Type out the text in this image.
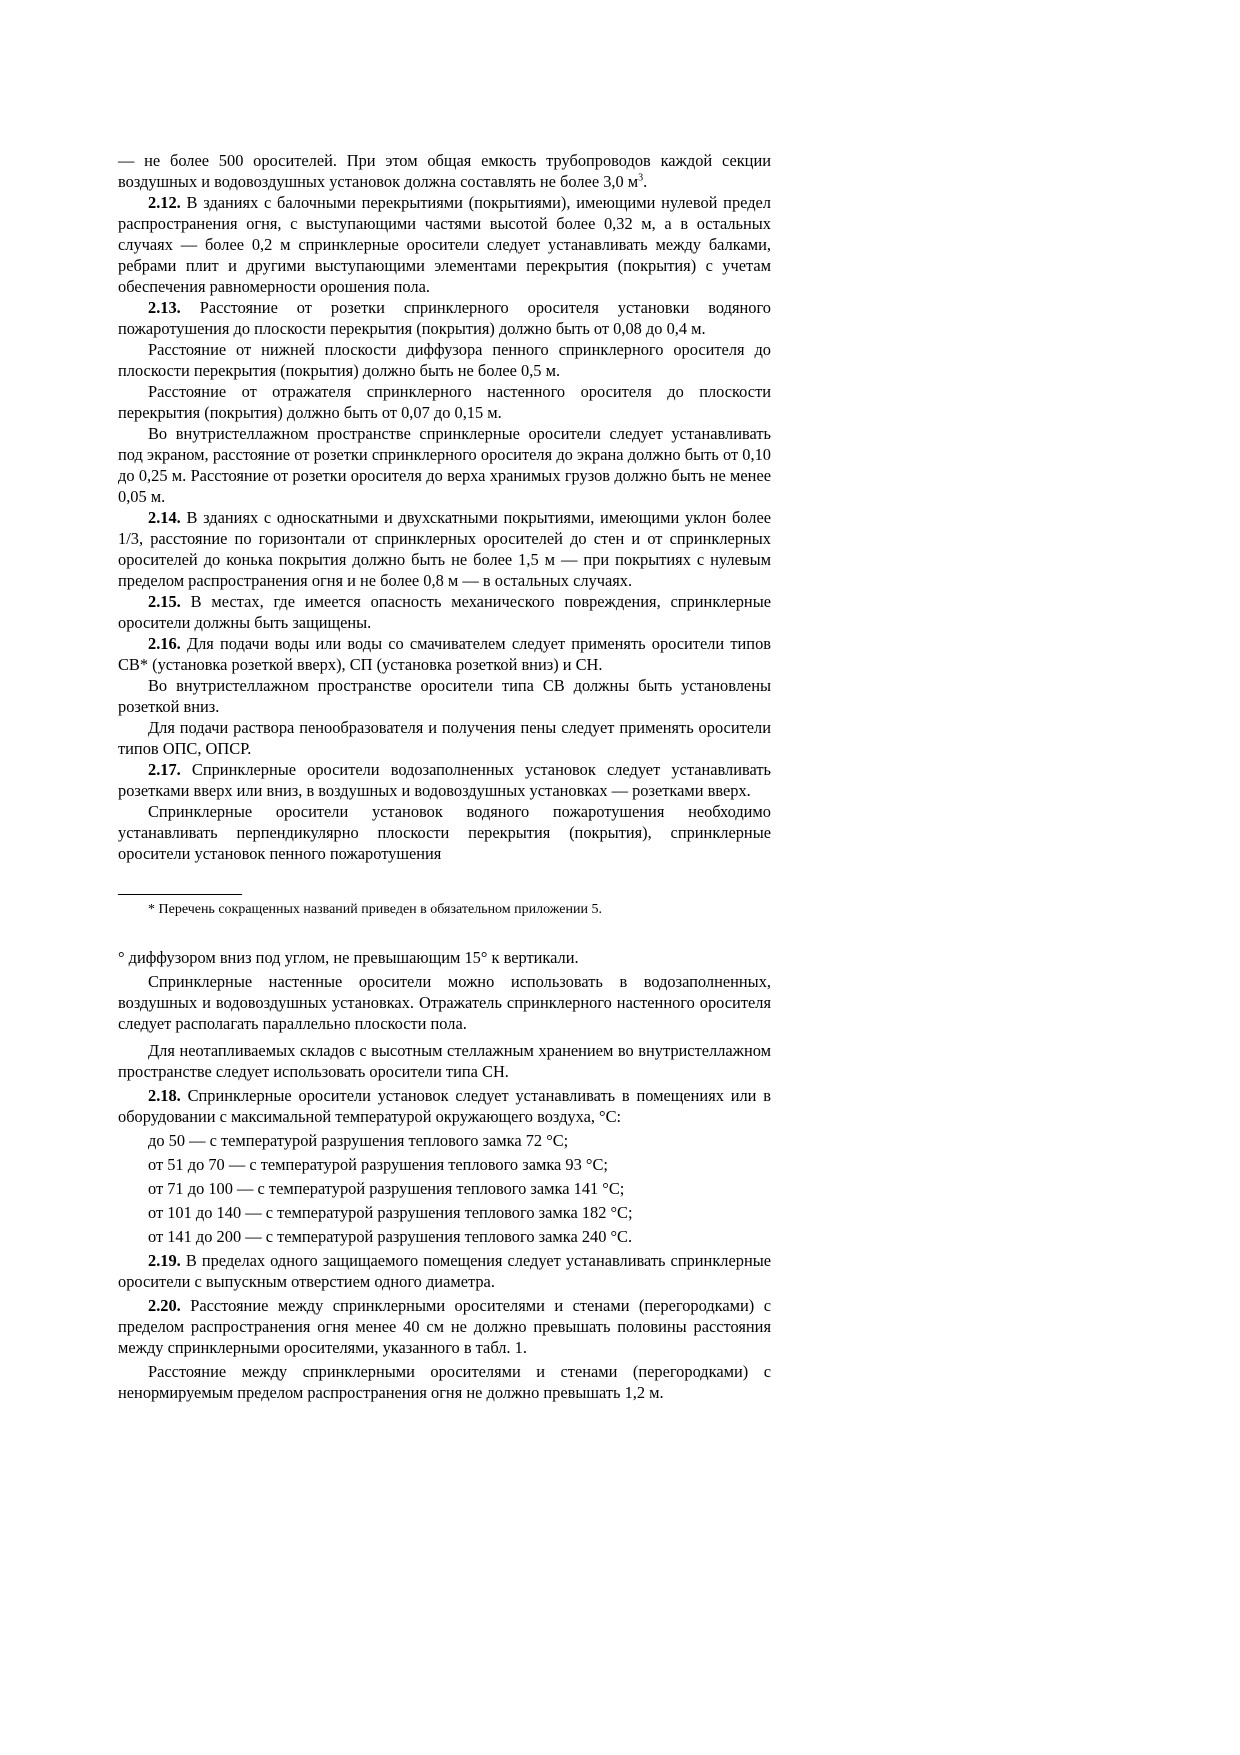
— не более 500 оросителей. При этом общая емкость трубопроводов каждой секции воздушных и водовоздушных установок должна составлять не более 3,0 $м^3$.

2.12. В зданиях с балочными перекрытиями (покрытиями), имеющими нулевой предел распространения огня, с выступающими частями высотой более 0,32 м, а в остальных случаях — более 0,2 м спринклерные оросители следует устанавливать между балками, ребрами плит и другими выступающими элементами перекрытия (покрытия) с учетам обеспечения равномерности орошения пола.

2.13. Расстояние от розетки спринклерного оросителя установки водяного пожаротушения до плоскости перекрытия (покрытия) должно быть от 0,08 до 0,4 м.

Расстояние от нижней плоскости диффузора пенного спринклерного оросителя до плоскости перекрытия (покрытия) должно быть не более 0,5 м.

Расстояние от отражателя спринклерного настенного оросителя до плоскости перекрытия (покрытия) должно быть от 0,07 до 0,15 м.

Во внутристеллажном пространстве спринклерные оросители следует устанавливать под экраном, расстояние от розетки спринклерного оросителя до экрана должно быть от 0,10 до 0,25 м. Расстояние от розетки оросителя до верха хранимых грузов должно быть не менее 0,05 м.

2.14. В зданиях с односкатными и двухскатными покрытиями, имеющими уклон более 1/3, расстояние по горизонтали от спринклерных оросителей до стен и от спринклерных оросителей до конька покрытия должно быть не более 1,5 м — при покрытиях с нулевым пределом распространения огня и не более 0,8 м — в остальных случаях.

2.15. В местах, где имеется опасность механического повреждения, спринклерные оросители должны быть защищены.

2.16. Для подачи воды или воды со смачивателем следует применять оросители типов СВ* (установка розеткой вверх), СП (установка розеткой вниз) и СН.

Во внутристеллажном пространстве оросители типа СВ должны быть установлены розеткой вниз.

Для подачи раствора пенообразователя и получения пены следует применять оросители типов ОПС, ОПСР.

2.17. Спринклерные оросители водозаполненных установок следует устанавливать розетками вверх или вниз, в воздушных и водовоздушных установках — розетками вверх.

Спринклерные оросители установок водяного пожаротушения необходимо устанавливать перпендикулярно плоскости перекрытия (покрытия), спринклерные оросители установок пенного пожаротушения

* Перечень сокращенных названий приведен в обязательном приложении 5.

° диффузором вниз под углом, не превышающим 15° к вертикали.

Спринклерные настенные оросители можно использовать в водозаполненных, воздушных и водовоздушных установках. Отражатель спринклерного настенного оросителя следует располагать параллельно плоскости пола.

Для неотапливаемых складов с высотным стеллажным хранением во внутристеллажном пространстве следует использовать оросители типа СН.

2.18. Спринклерные оросители установок следует устанавливать в помещениях или в оборудовании с максимальной температурой окружающего воздуха, °С:

до 50 — с температурой разрушения теплового замка 72 °С;

от 51 до 70 — с температурой разрушения теплового замка 93 °С;

от 71 до 100 — с температурой разрушения теплового замка 141 °С;

от 101 до 140 — с температурой разрушения теплового замка 182 °С;

от 141 до 200 — с температурой разрушения теплового замка 240 °С.

2.19. В пределах одного защищаемого помещения следует устанавливать спринклерные оросители с выпускным отверстием одного диаметра.

2.20. Расстояние между спринклерными оросителями и стенами (перегородками) с пределом распространения огня менее 40 см не должно превышать половины расстояния между спринклерными оросителями, указанного в табл. 1.

Расстояние между спринклерными оросителями и стенами (перегородками) с ненормируемым пределом распространения огня не должно превышать 1,2 м.
